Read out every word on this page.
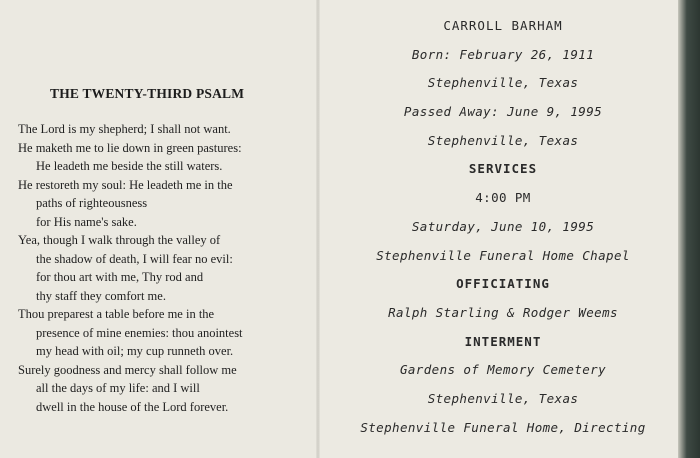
THE TWENTY-THIRD PSALM
The Lord is my shepherd; I shall not want.
He maketh me to lie down in green pastures:
He leadeth me beside the still waters.
He restoreth my soul: He leadeth me in the
paths of righteousness
for His name's sake.
Yea, though I walk through the valley of
the shadow of death, I will fear no evil:
for thou art with me, Thy rod and
thy staff they comfort me.
Thou preparest a table before me in the
presence of mine enemies: thou anointest
my head with oil; my cup runneth over.
Surely goodness and mercy shall follow me
all the days of my life: and I will
dwell in the house of the Lord forever.
CARROLL BARHAM
Born: February 26, 1911
Stephenville, Texas
Passed Away: June 9, 1995
Stephenville, Texas
SERVICES
4:00 PM
Saturday, June 10, 1995
Stephenville Funeral Home Chapel
OFFICIATING
Ralph Starling & Rodger Weems
INTERMENT
Gardens of Memory Cemetery
Stephenville, Texas
Stephenville Funeral Home, Directing
